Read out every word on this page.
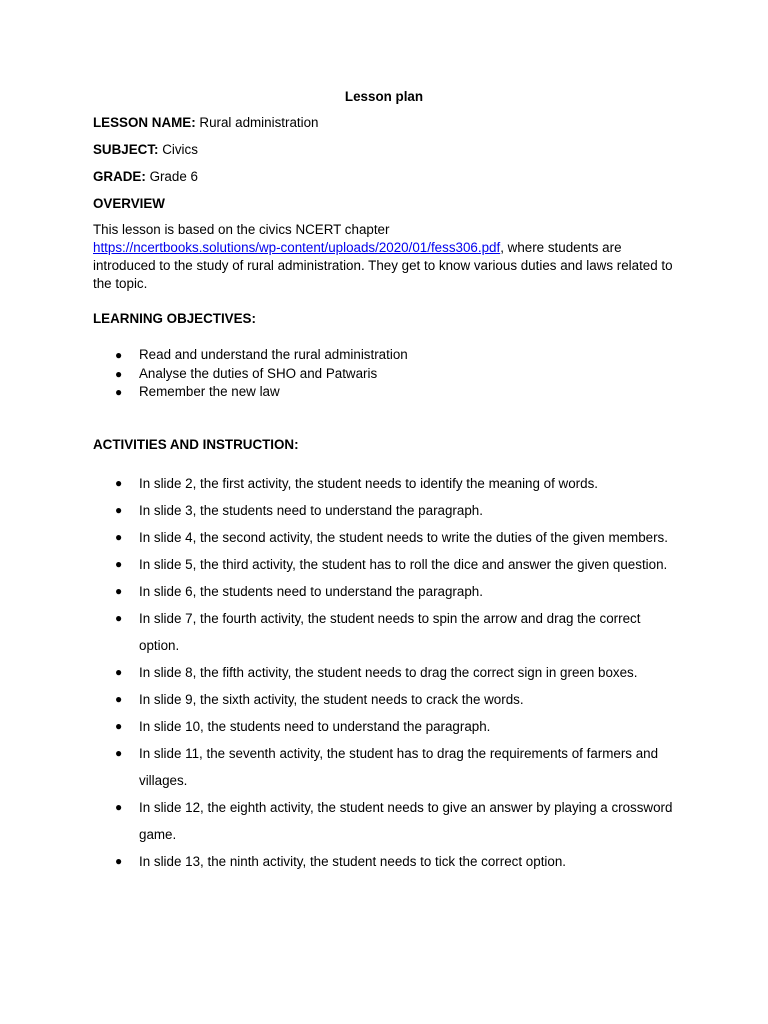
Lesson plan
LESSON NAME: Rural administration
SUBJECT: Civics
GRADE: Grade 6
OVERVIEW
This lesson is based on the civics NCERT chapter
https://ncertbooks.solutions/wp-content/uploads/2020/01/fess306.pdf, where students are introduced to the study of rural administration. They get to know various duties and laws related to the topic.
LEARNING OBJECTIVES:
● Read and understand the rural administration
● Analyse the duties of SHO and Patwaris
● Remember the new law
ACTIVITIES AND INSTRUCTION:
● In slide 2, the first activity, the student needs to identify the meaning of words.
● In slide 3, the students need to understand the paragraph.
● In slide 4, the second activity, the student needs to write the duties of the given members.
● In slide 5, the third activity, the student has to roll the dice and answer the given question.
● In slide 6, the students need to understand the paragraph.
● In slide 7, the fourth activity, the student needs to spin the arrow and drag the correct option.
● In slide 8, the fifth activity, the student needs to drag the correct sign in green boxes.
● In slide 9, the sixth activity, the student needs to crack the words.
● In slide 10, the students need to understand the paragraph.
● In slide 11, the seventh activity, the student has to drag the requirements of farmers and villages.
● In slide 12, the eighth activity, the student needs to give an answer by playing a crossword game.
● In slide 13, the ninth activity, the student needs to tick the correct option.
